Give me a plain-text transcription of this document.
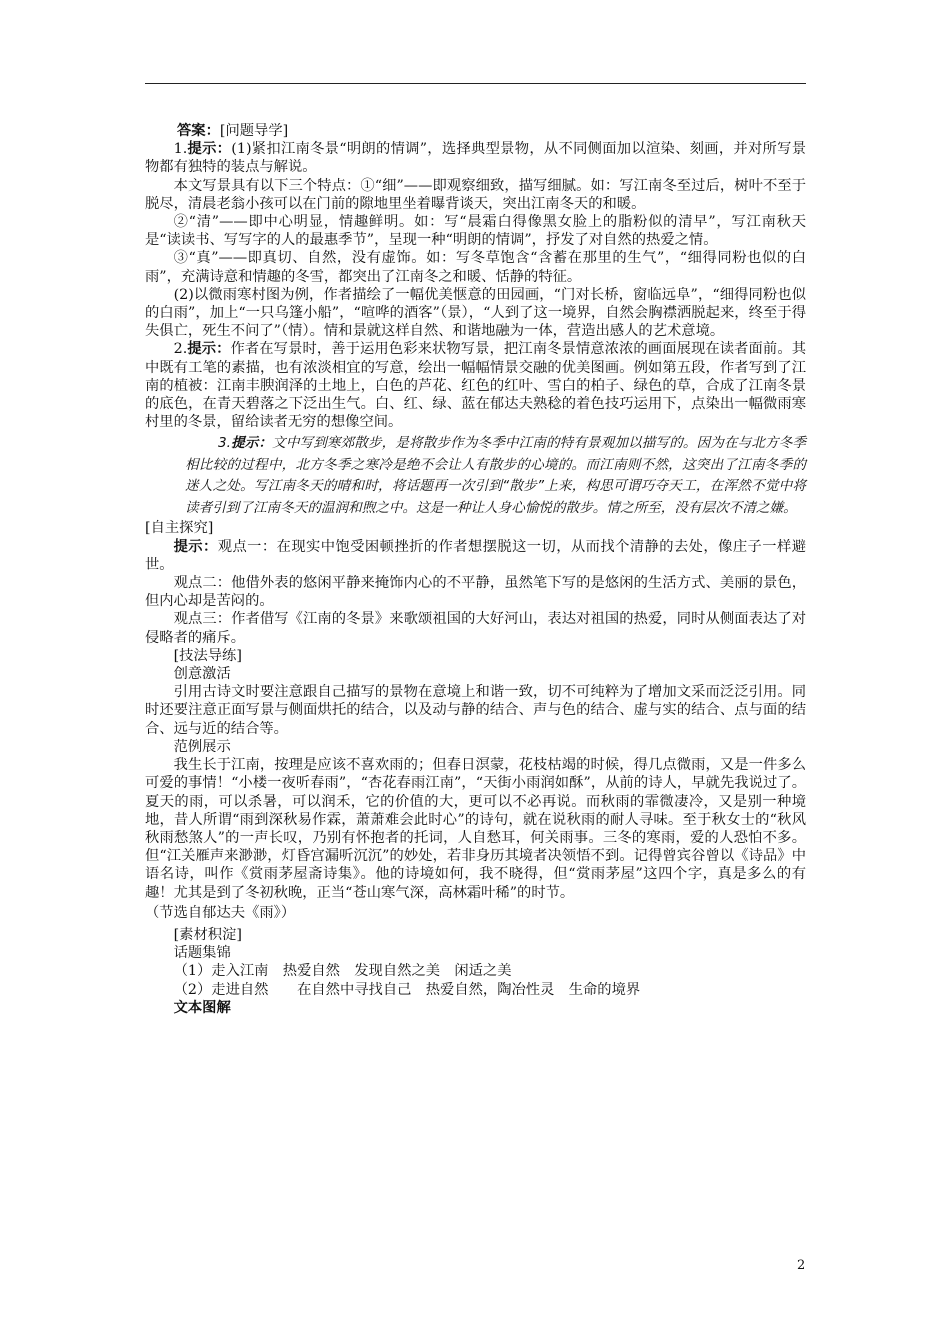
答案：[问题导学]

1.提示：(1)紧扣江南冬景“明朗的情调”，选择典型景物，从不同侧面加以渲染、刻画，并对所写景物都有独特的装点与解说。

本文写景具有以下三个特点：①“细”——即观察细致，描写细腻。如：写江南冬至过后，树叶不至于脱尽，清晨老翁小孩可以在门前的隙地里坐着曝背谈天，突出江南冬天的和暖。

②“清”——即中心明显，情趣鲜明。如：写“晨霜白得像黑女脸上的脂粉似的清早”，写江南秋天是“读读书、写写字的人的最惠季节”，呈现一种“明朗的情调”，抒发了对自然的热爱之情。

③“真”——即真切、自然，没有虚饰。如：写冬草饱含“含蓄在那里的生气”，“细得同粉也似的白雨”，充满诗意和情趣的冬雪，都突出了江南冬之和暖、恬静的特征。

(2)以微雨寒村图为例，作者描绘了一幅优美惬意的田园画，“门对长桥，窗临远阜”，“细得同粉也似的白雨”，加上“一只乌篷小船”，“喧哗的酒客”（景），“人到了这一境界，自然会胸襟洒脱起来，终至于得失俱亡，死生不问了”（情）。情和景就这样自然、和谐地融为一体，营造出感人的艺术意境。

2.提示：作者在写景时，善于运用色彩来状物写景，把江南冬景情意浓浓的画面展现在读者面前。其中既有工笔的素描，也有浓淡相宜的写意，绘出一幅幅情景交融的优美图画。例如第五段，作者写到了江南的植被：江南丰腴润泽的土地上，白色的芦花、红色的红叶、雪白的柏子、绿色的草，合成了江南冬景的底色，在青天碧落之下泛出生气。白、红、绿、蓝在郁达夫熟稔的着色技巧运用下，点染出一幅微雨寒村里的冬景，留给读者无穷的想像空间。

3.提示：文中写到寒郊散步，是将散步作为冬季中江南的特有景观加以描写的。因为在与北方冬季相比较的过程中，北方冬季之寒冷是绝不会让人有散步的心境的。而江南则不然，这突出了江南冬季的迷人之处。写江南冬天的晴和时，将话题再一次引到“散步”上来，构思可谓巧夺天工，在浑然不觉中将读者引到了江南冬天的温润和煦之中。这是一种让人身心愉悦的散步。情之所至，没有层次不清之嫌。

[自主探究]

提示：观点一：在现实中饱受困顿挫折的作者想摆脱这一切，从而找个清静的去处，像庄子一样避世。

观点二：他借外表的悠闲平静来掩饰内心的不平静，虽然笔下写的是悠闲的生活方式、美丽的景色，但内心却是苦闷的。

观点三：作者借写《江南的冬景》来歌颂祖国的大好河山，表达对祖国的热爱，同时从侧面表达了对侵略者的痛斥。

[技法导练]

创意激活

引用古诗文时要注意跟自己描写的景物在意境上和谐一致，切不可纯粹为了增加文采而泛泛引用。同时还要注意正面写景与侧面烘托的结合，以及动与静的结合、声与色的结合、虚与实的结合、点与面的结合、远与近的结合等。

范例展示

我生长于江南，按理是应该不喜欢雨的；但春日溟蒙，花枝枯竭的时候，得几点微雨，又是一件多么可爱的事情！“小楼一夜听春雨”，“杏花春雨江南”，“天街小雨润如酥”，从前的诗人，早就先我说过了。夏天的雨，可以杀暑，可以润禾，它的价值的大，更可以不必再说。而秋雨的霏微凄冷，又是别一种境地，昔人所谓“雨到深秋易作霖，萧萧难会此时心”的诗句，就在说秋雨的耐人寻味。至于秋女士的“秋风秋雨愁煞人”的一声长叹，乃别有怀抱者的托词，人自愁耳，何关雨事。三冬的寒雨，爱的人恐怕不多。但“江关雁声来渺渺，灯昏宫漏听沉沉”的妙处，若非身历其境者决领悟不到。记得曾宾谷曾以《诗品》中语名诗，叫作《赏雨茅屋斋诗集》。他的诗境如何，我不晓得，但“赏雨茅屋”这四个字，真是多么的有趣！尤其是到了冬初秋晚，正当“苍山寒气深，高林霜叶稀”的时节。

（节选自郁达夫《雨》）

[素材积淀]

话题集锦

（1）走入江南　热爱自然　发现自然之美　闲适之美

（2）走进自然　　在自然中寻找自己　热爱自然，陶冶性灵　生命的境界

文本图解

2
